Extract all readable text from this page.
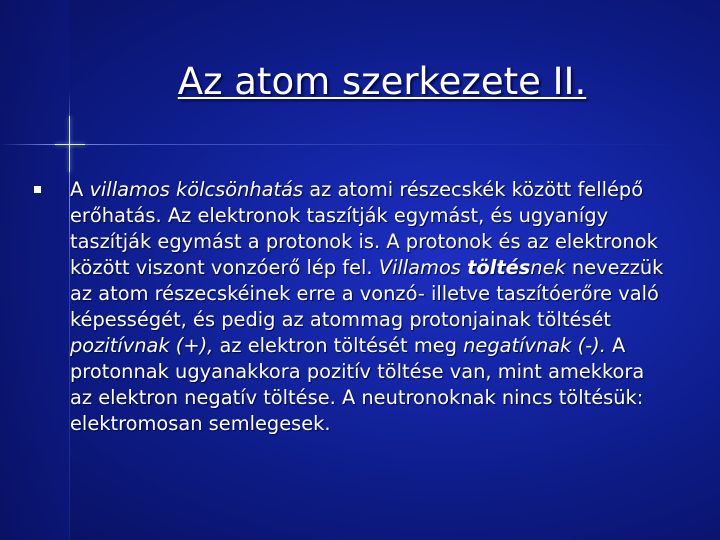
Az atom szerkezete II.
A villamos kölcsönhatás az atomi részecskék között fellépő erőhatás. Az elektronok taszítják egymást, és ugyanígy taszítják egymást a protonok is. A protonok és az elektronok között viszont vonzóerő lép fel. Villamos töltésnek nevezzük az atom részecskéinek erre a vonzó- illetve taszítóerőre való képességét, és pedig az atommag protonjainak töltését pozitívnak (+), az elektron töltését meg negatívnak (-). A protonnak ugyanakkora pozitív töltése van, mint amekkora az elektron negatív töltése. A neutronoknak nincs töltésük: elektromosan semlegesek.
